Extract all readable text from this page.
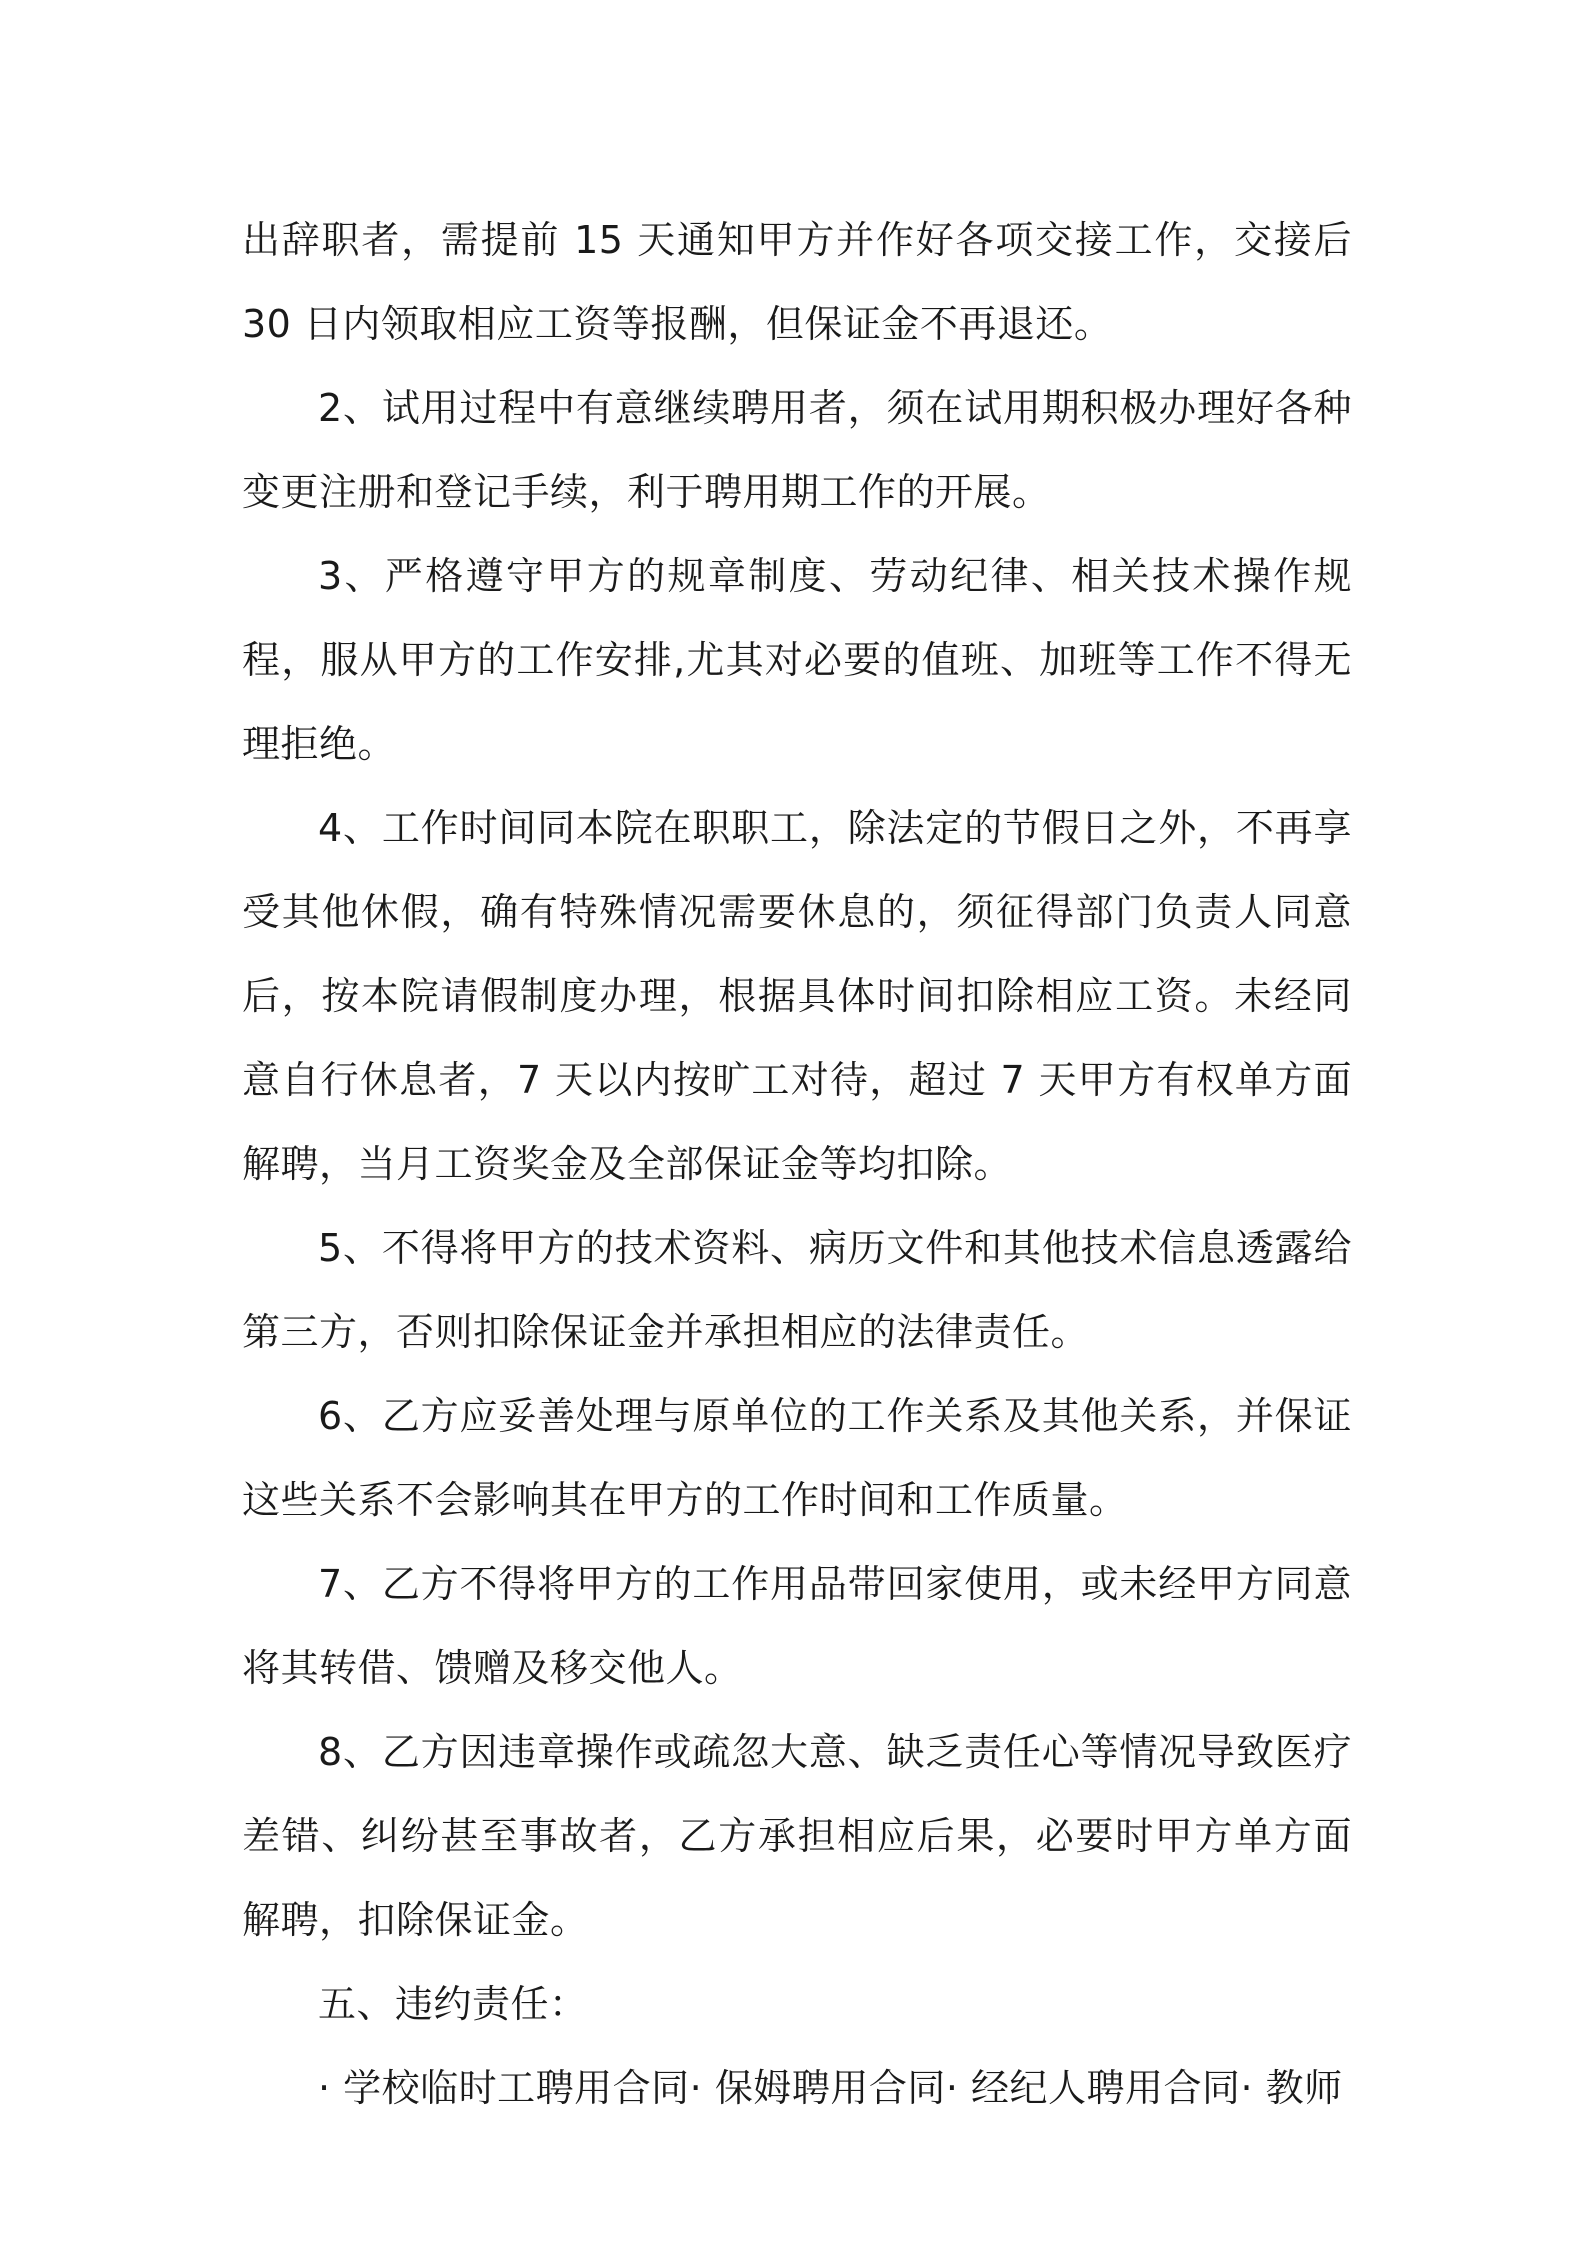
出辞职者，需提前 15 天通知甲方并作好各项交接工作，交接后 30 日内领取相应工资等报酬，但保证金不再退还。

2、试用过程中有意继续聘用者，须在试用期积极办理好各种变更注册和登记手续，利于聘用期工作的开展。

3、严格遵守甲方的规章制度、劳动纪律、相关技术操作规程，服从甲方的工作安排,尤其对必要的值班、加班等工作不得无理拒绝。

4、工作时间同本院在职职工，除法定的节假日之外，不再享受其他休假，确有特殊情况需要休息的，须征得部门负责人同意后，按本院请假制度办理，根据具体时间扣除相应工资。未经同意自行休息者，7 天以内按旷工对待，超过 7 天甲方有权单方面解聘，当月工资奖金及全部保证金等均扣除。

5、不得将甲方的技术资料、病历文件和其他技术信息透露给第三方，否则扣除保证金并承担相应的法律责任。

6、乙方应妥善处理与原单位的工作关系及其他关系，并保证这些关系不会影响其在甲方的工作时间和工作质量。

7、乙方不得将甲方的工作用品带回家使用，或未经甲方同意将其转借、馈赠及移交他人。

8、乙方因违章操作或疏忽大意、缺乏责任心等情况导致医疗差错、纠纷甚至事故者，乙方承担相应后果，必要时甲方单方面解聘，扣除保证金。

五、违约责任：

· 学校临时工聘用合同· 保姆聘用合同· 经纪人聘用合同· 教师
